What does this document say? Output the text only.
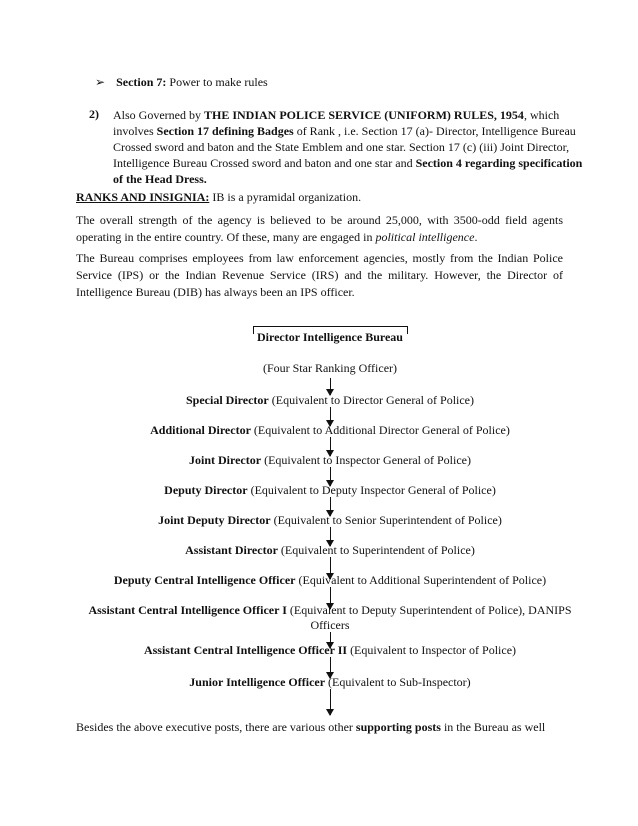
➢ Section 7: Power to make rules
2) Also Governed by THE INDIAN POLICE SERVICE (UNIFORM) RULES, 1954, which
involves Section 17 defining Badges of Rank , i.e. Section 17 (a)- Director, Intelligence Bureau
Crossed sword and baton and the State Emblem and one star. Section 17 (c) (iii) Joint Director,
Intelligence Bureau Crossed sword and baton and one star and Section 4 regarding specification
of the Head Dress.
RANKS AND INSIGNIA: IB is a pyramidal organization.
The overall strength of the agency is believed to be around 25,000, with 3500-odd field agents operating in the entire country. Of these, many are engaged in political intelligence.
The Bureau comprises employees from law enforcement agencies, mostly from the Indian Police Service (IPS) or the Indian Revenue Service (IRS) and the military. However, the Director of Intelligence Bureau (DIB) has always been an IPS officer.
Director Intelligence Bureau
(Four Star Ranking Officer)
Special Director (Equivalent to Director General of Police)
Additional Director (Equivalent to Additional Director General of Police)
Joint Director (Equivalent to Inspector General of Police)
Deputy Director (Equivalent to Deputy Inspector General of Police)
Joint Deputy Director (Equivalent to Senior Superintendent of Police)
Assistant Director (Equivalent to Superintendent of Police)
Deputy Central Intelligence Officer (Equivalent to Additional Superintendent of Police)
Assistant Central Intelligence Officer I (Equivalent to Deputy Superintendent of Police), DANIPS
Officers
Assistant Central Intelligence Officer II (Equivalent to Inspector of Police)
Junior Intelligence Officer (Equivalent to Sub-Inspector)
Besides the above executive posts, there are various other supporting posts in the Bureau as well
